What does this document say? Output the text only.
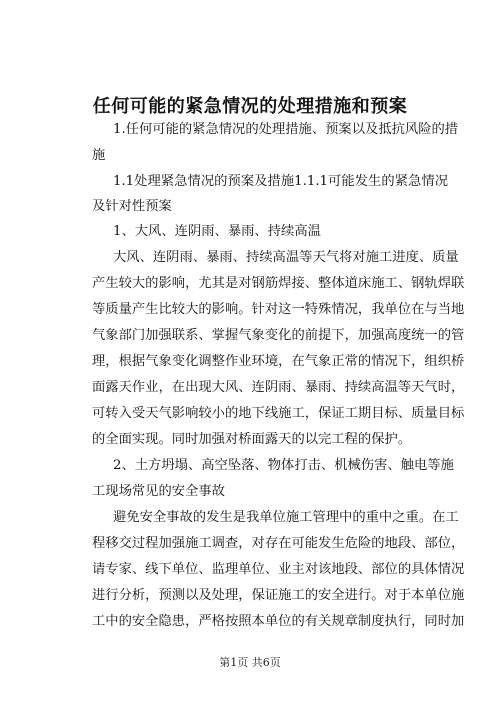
任何可能的紧急情况的处理措施和预案
1.任何可能的紧急情况的处理措施、预案以及抵抗风险的措
施
1.1处理紧急情况的预案及措施1.1.1可能发生的紧急情况
及针对性预案
1、大风、连阴雨、暴雨、持续高温
大风、连阴雨、暴雨、持续高温等天气将对施工进度、质量
产生较大的影响，尤其是对钢筋焊接、整体道床施工、钢轨焊联
等质量产生比较大的影响。针对这一特殊情况，我单位在与当地
气象部门加强联系、掌握气象变化的前提下，加强高度统一的管
理，根据气象变化调整作业环境，在气象正常的情况下，组织桥
面露天作业，在出现大风、连阴雨、暴雨、持续高温等天气时，
可转入受天气影响较小的地下线施工，保证工期目标、质量目标
的全面实现。同时加强对桥面露天的以完工程的保护。
2、土方坍塌、高空坠落、物体打击、机械伤害、触电等施
工现场常见的安全事故
避免安全事故的发生是我单位施工管理中的重中之重。在工
程移交过程加强施工调查，对存在可能发生危险的地段、部位，
请专家、线下单位、监理单位、业主对该地段、部位的具体情况
进行分析，预测以及处理，保证施工的安全进行。对于本单位施
工中的安全隐患，严格按照本单位的有关规章制度执行，同时加
第1页 共6页
